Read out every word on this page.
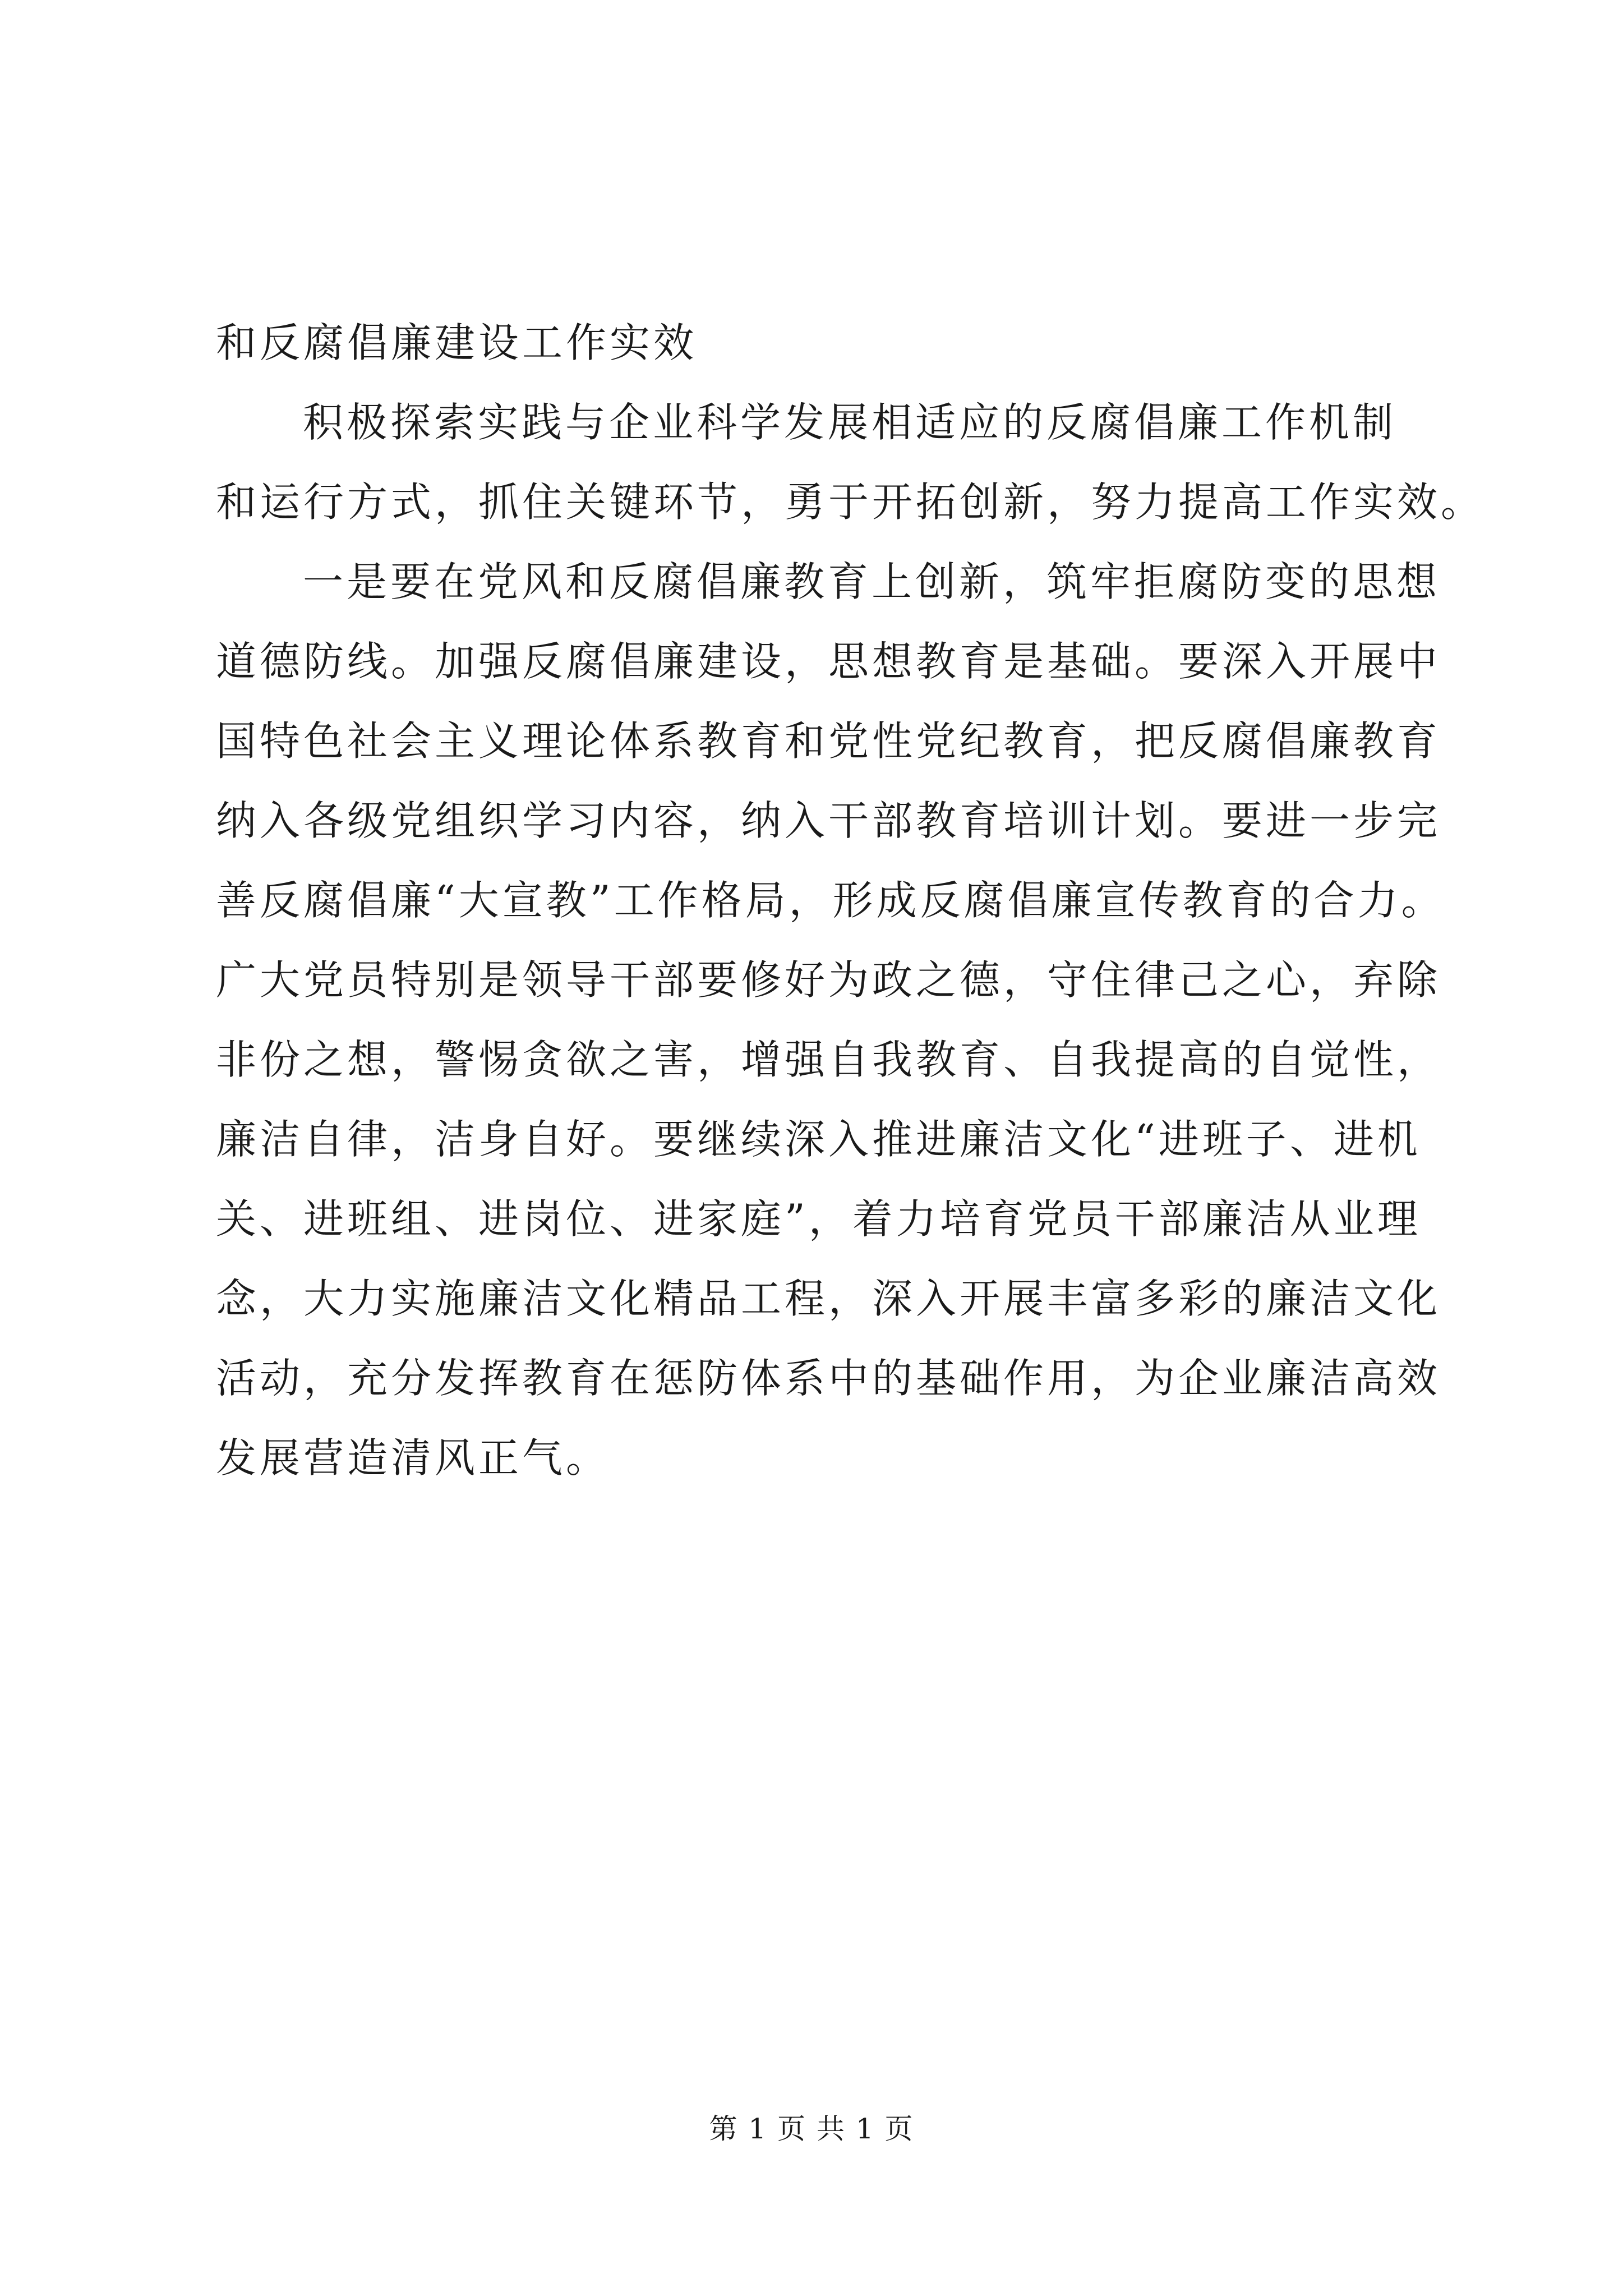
和反腐倡廉建设工作实效
积极探索实践与企业科学发展相适应的反腐倡廉工作机制
和运行方式，抓住关键环节，勇于开拓创新，努力提高工作实效。
一是要在党风和反腐倡廉教育上创新，筑牢拒腐防变的思想
道德防线。加强反腐倡廉建设，思想教育是基础。要深入开展中
国特色社会主义理论体系教育和党性党纪教育，把反腐倡廉教育
纳入各级党组织学习内容，纳入干部教育培训计划。要进一步完
善反腐倡廉“大宣教”工作格局，形成反腐倡廉宣传教育的合力。
广大党员特别是领导干部要修好为政之德，守住律己之心，弃除
非份之想，警惕贪欲之害，增强自我教育、自我提高的自觉性，
廉洁自律，洁身自好。要继续深入推进廉洁文化“进班子、进机
关、进班组、进岗位、进家庭”，着力培育党员干部廉洁从业理
念，大力实施廉洁文化精品工程，深入开展丰富多彩的廉洁文化
活动，充分发挥教育在惩防体系中的基础作用，为企业廉洁高效
发展营造清风正气。
第 1 页 共 1 页
